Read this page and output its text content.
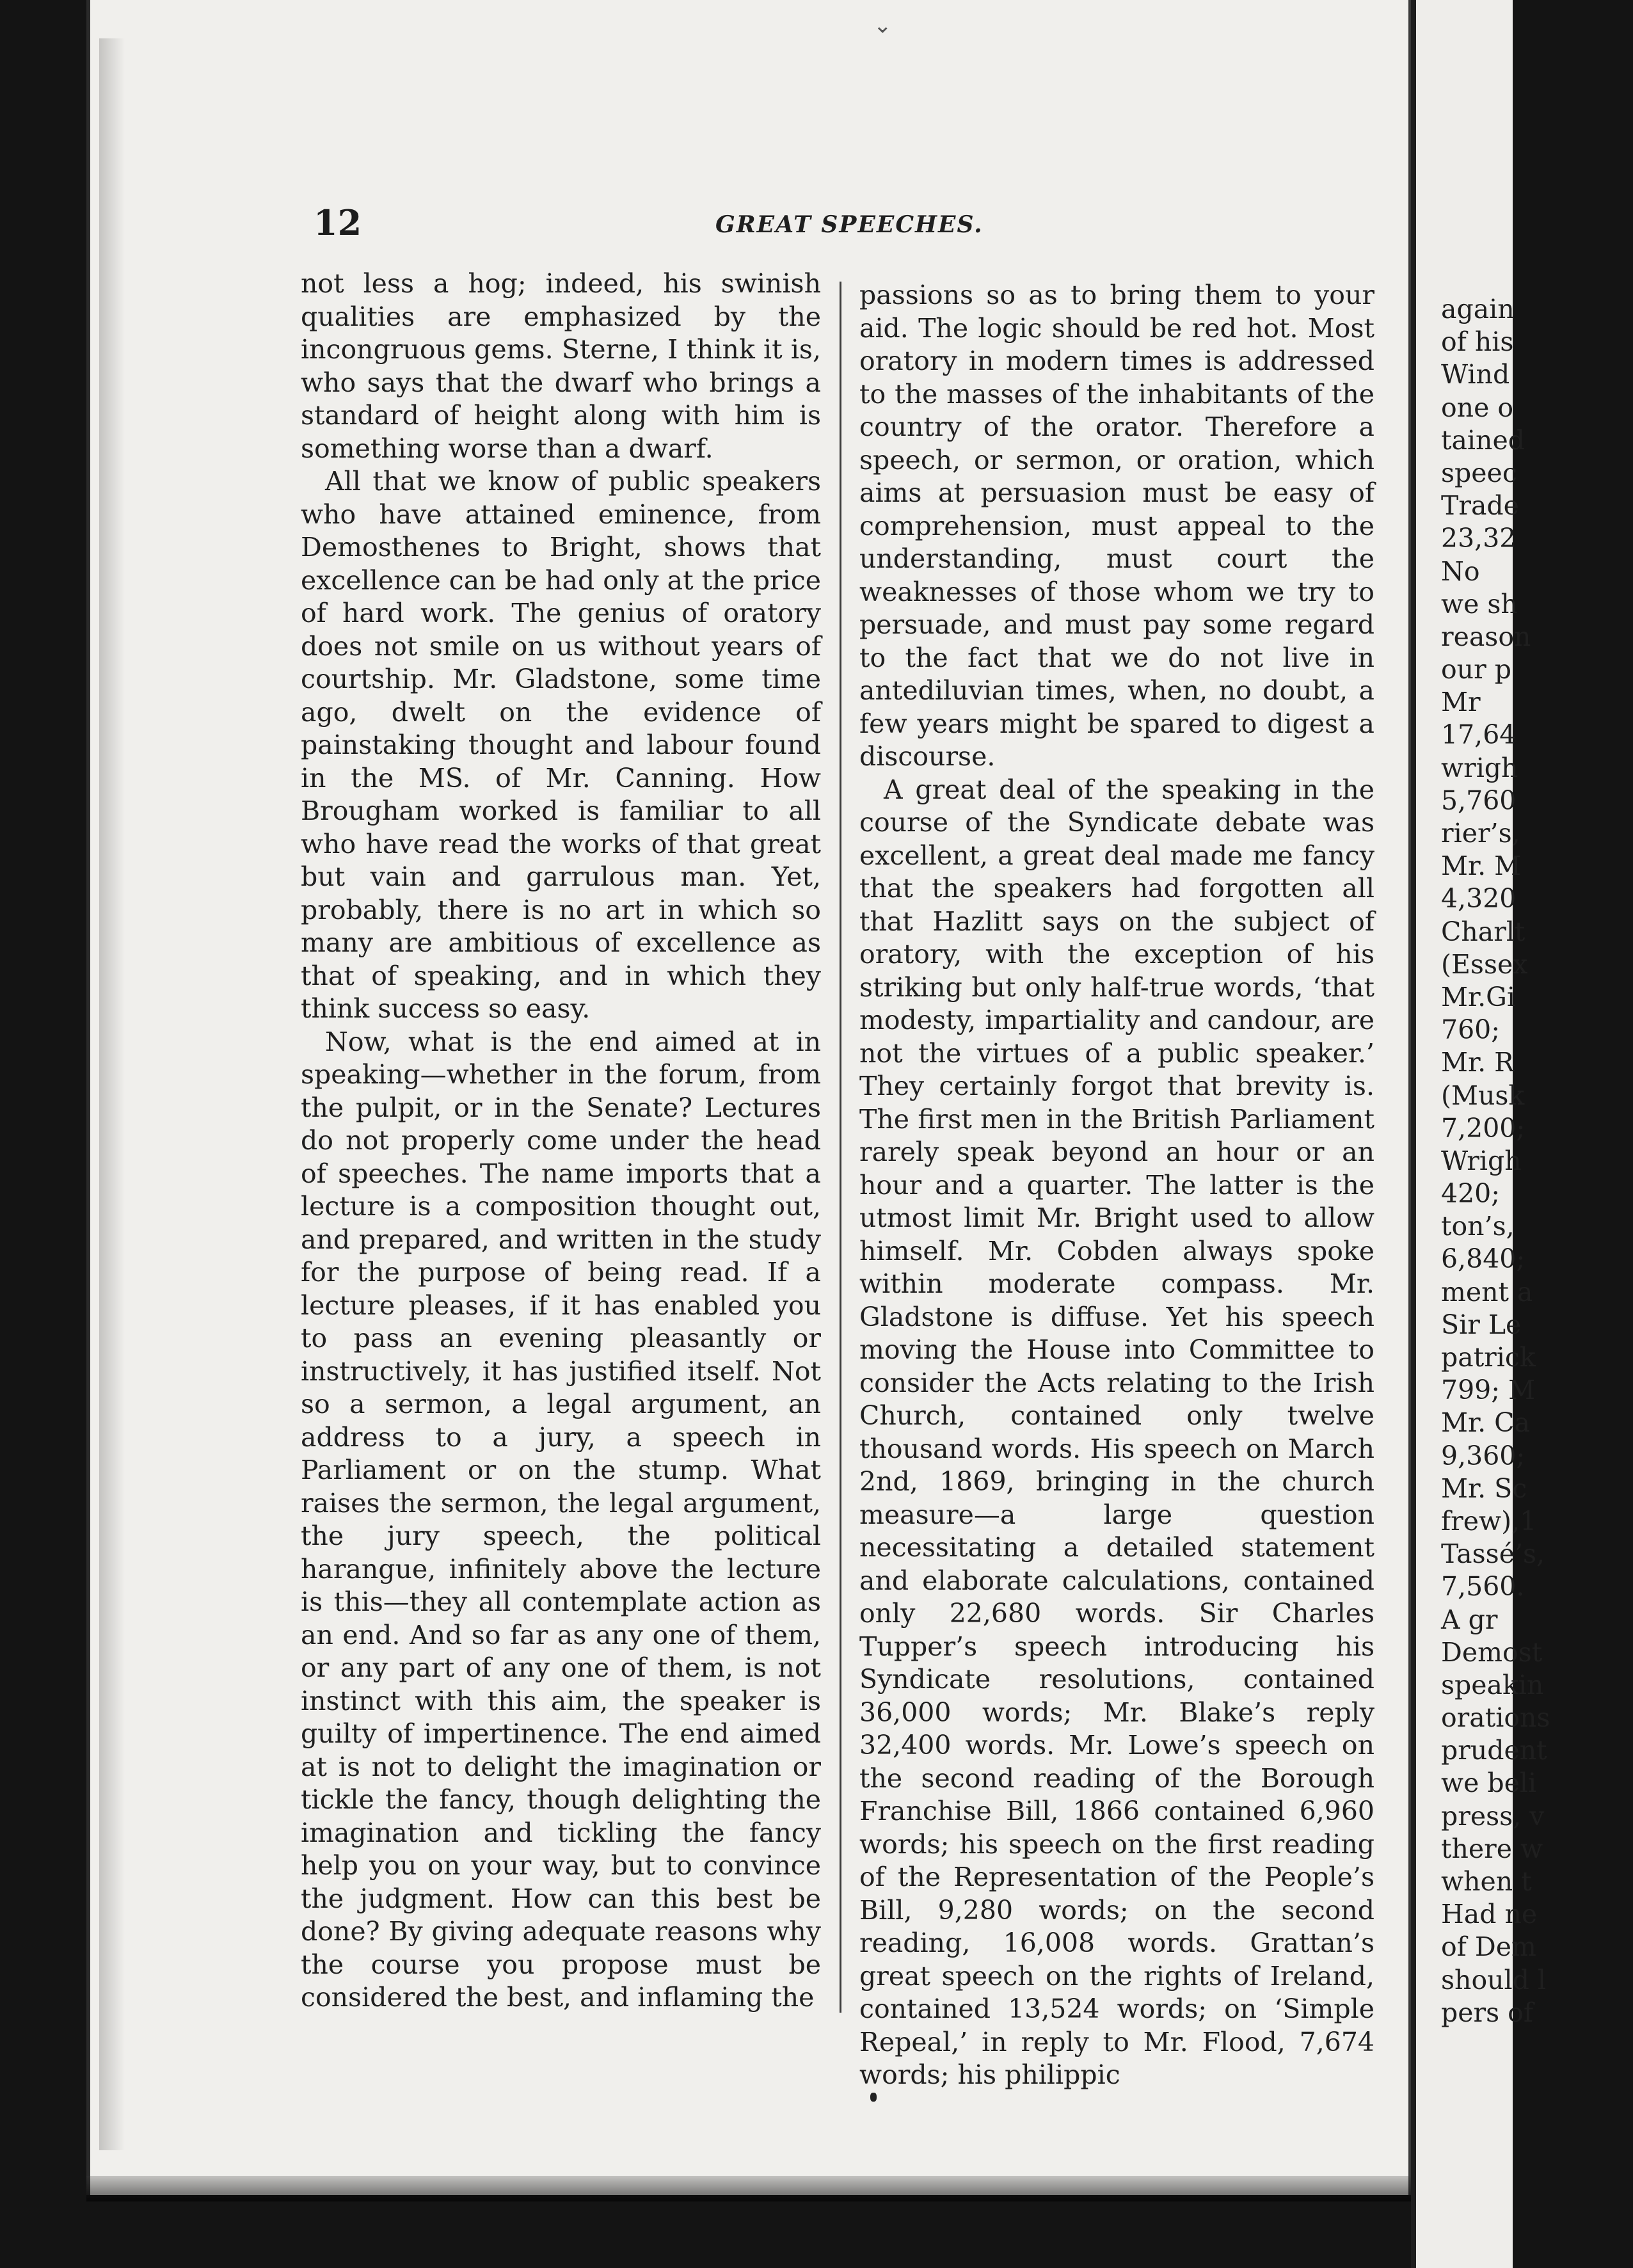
⌄
12	GREAT SPEECHES.

not less a hog; indeed, his swinish qualities are emphasized by the incongruous gems. Sterne, I think it is, who says that the dwarf who brings a standard of height along with him is something worse than a dwarf.

All that we know of public speakers who have attained eminence, from Demosthenes to Bright, shows that excellence can be had only at the price of hard work. The genius of oratory does not smile on us without years of courtship. Mr. Gladstone, some time ago, dwelt on the evidence of painstaking thought and labour found in the MS. of Mr. Canning. How Brougham worked is familiar to all who have read the works of that great but vain and garrulous man. Yet, probably, there is no art in which so many are ambitious of excellence as that of speaking, and in which they think success so easy.

Now, what is the end aimed at in speaking—whether in the forum, from the pulpit, or in the Senate? Lectures do not properly come under the head of speeches. The name imports that a lecture is a composition thought out, and prepared, and written in the study for the purpose of being read. If a lecture pleases, if it has enabled you to pass an evening pleasantly or instructively, it has justified itself. Not so a sermon, a legal argument, an address to a jury, a speech in Parliament or on the stump. What raises the sermon, the legal argument, the jury speech, the political harangue, infinitely above the lecture is this—they all contemplate action as an end. And so far as any one of them, or any part of any one of them, is not instinct with this aim, the speaker is guilty of impertinence. The end aimed at is not to delight the imagination or tickle the fancy, though delighting the imagination and tickling the fancy help you on your way, but to convince the judgment. How can this best be done? By giving adequate reasons why the course you propose must be considered the best, and inflaming the

passions so as to bring them to your aid. The logic should be red hot. Most oratory in modern times is addressed to the masses of the inhabitants of the country of the orator. Therefore a speech, or sermon, or oration, which aims at persuasion must be easy of comprehension, must appeal to the understanding, must court the weaknesses of those whom we try to persuade, and must pay some regard to the fact that we do not live in antediluvian times, when, no doubt, a few years might be spared to digest a discourse.

A great deal of the speaking in the course of the Syndicate debate was excellent, a great deal made me fancy that the speakers had forgotten all that Hazlitt says on the subject of oratory, with the exception of his striking but only half-true words, ‘that modesty, impartiality and candour, are not the virtues of a public speaker.’ They certainly forgot that brevity is. The first men in the British Parliament rarely speak beyond an hour or an hour and a quarter. The latter is the utmost limit Mr. Bright used to allow himself. Mr. Cobden always spoke within moderate compass. Mr. Gladstone is diffuse. Yet his speech moving the House into Committee to consider the Acts relating to the Irish Church, contained only twelve thousand words. His speech on March 2nd, 1869, bringing in the church measure—a large question necessitating a detailed statement and elaborate calculations, contained only 22,680 words. Sir Charles Tupper’s speech introducing his Syndicate resolutions, contained 36,000 words; Mr. Blake’s reply 32,400 words. Mr. Lowe’s speech on the second reading of the Borough Franchise Bill, 1866 contained 6,960 words; his speech on the first reading of the Representation of the People’s Bill, 9,280 words; on the second reading, 16,008 words. Grattan’s great speech on the rights of Ireland, contained 13,524 words; on ‘Simple Repeal,’ in reply to Mr. Flood, 7,674 words; his philippic

again
of his
Wind
one o
tained
speec
Trade
23,32
No
we sh
reason
our p
Mr
17,64
wrigh
5,760
rier’s,
Mr. M
4,320
Charlt
(Essex
Mr.Gi
760;
Mr. R
(Musk
7,200;
Wrigh
420;
ton’s,
6,840;
ment a
Sir Le
patrick
799; M
Mr. Ca
9,360;
Mr. Sc
frew),1
Tassé’s,
7,560.
A gr
Demost
speakin
orations
prudent
we beli
press, v
there w
when t
Had ne
of Dem
should l
pers of
